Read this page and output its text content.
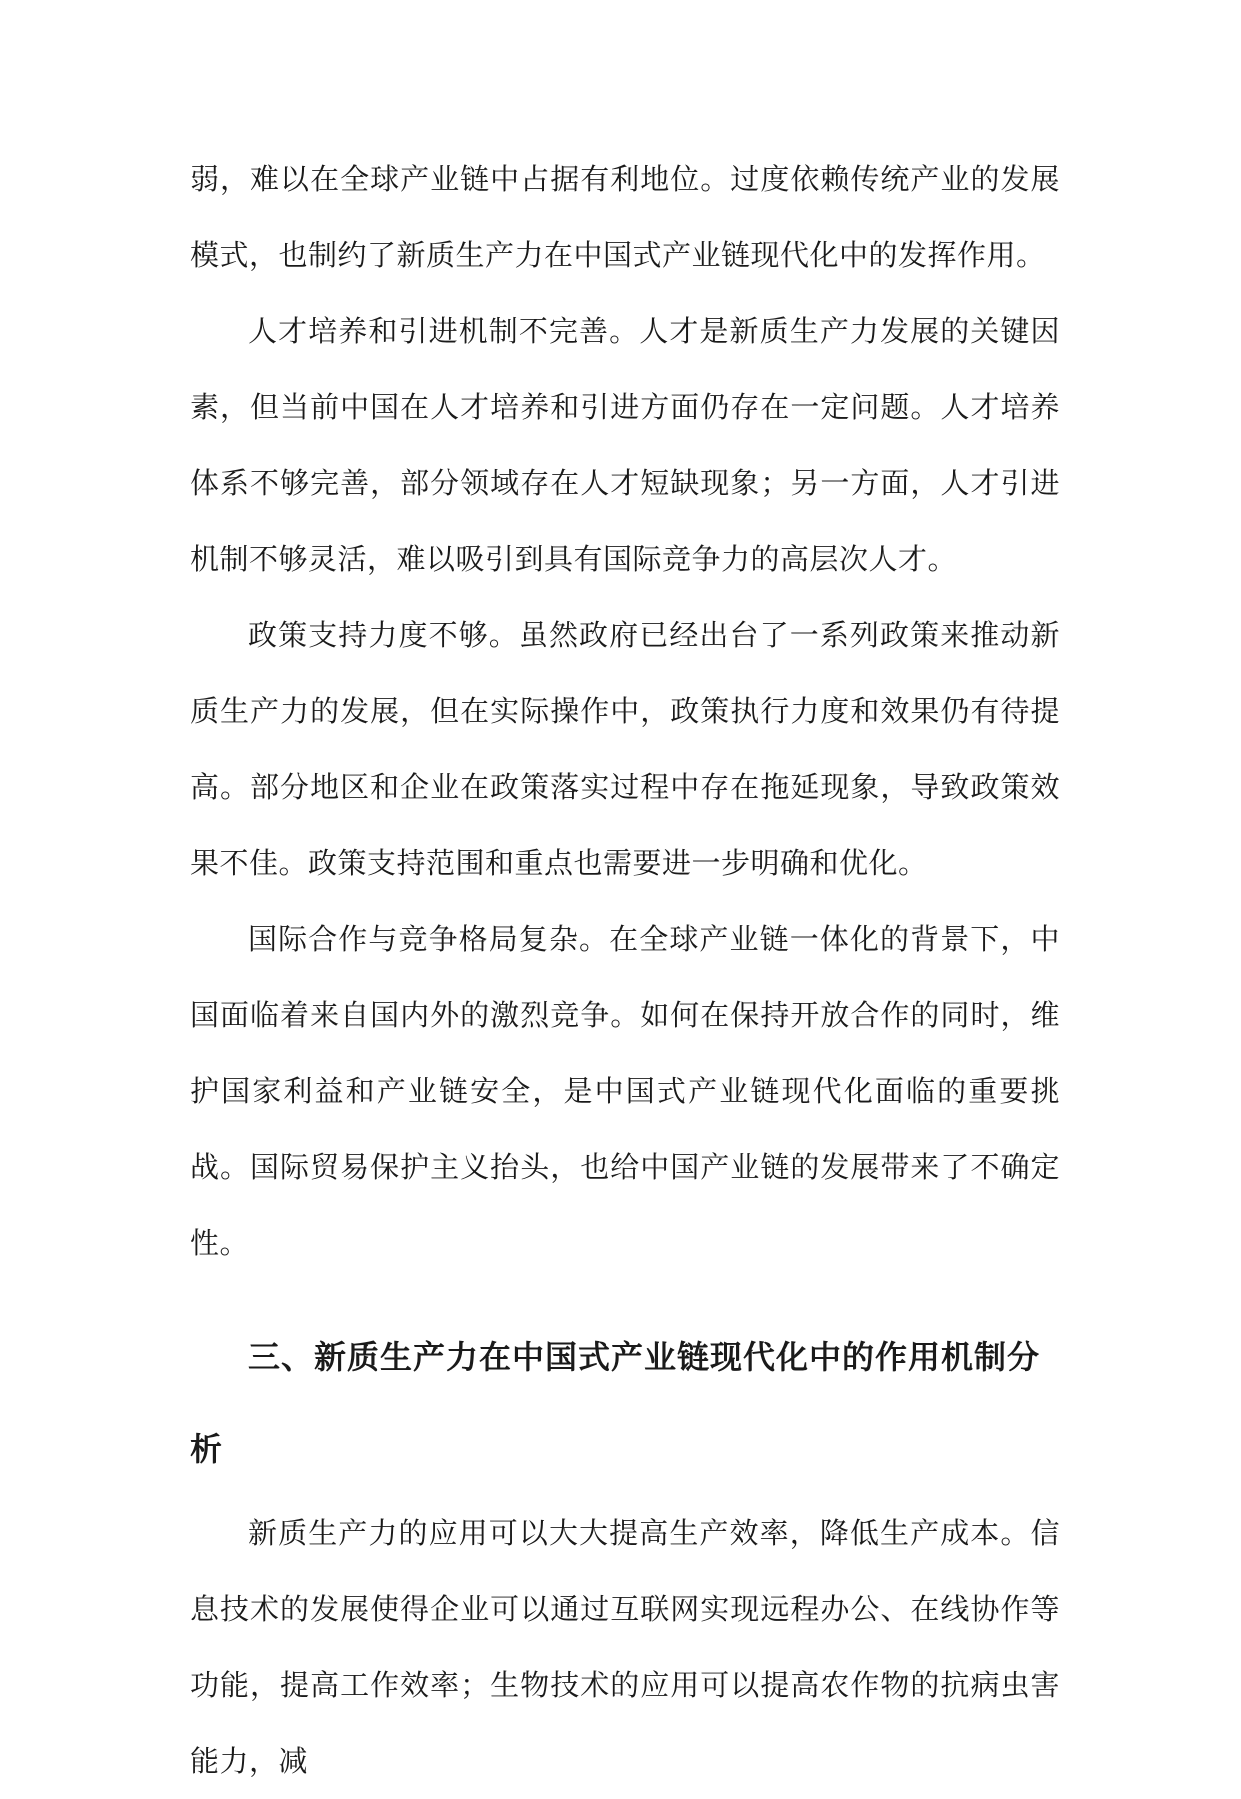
弱，难以在全球产业链中占据有利地位。过度依赖传统产业的发展模式，也制约了新质生产力在中国式产业链现代化中的发挥作用。

人才培养和引进机制不完善。人才是新质生产力发展的关键因素，但当前中国在人才培养和引进方面仍存在一定问题。人才培养体系不够完善，部分领域存在人才短缺现象；另一方面，人才引进机制不够灵活，难以吸引到具有国际竞争力的高层次人才。

政策支持力度不够。虽然政府已经出台了一系列政策来推动新质生产力的发展，但在实际操作中，政策执行力度和效果仍有待提高。部分地区和企业在政策落实过程中存在拖延现象，导致政策效果不佳。政策支持范围和重点也需要进一步明确和优化。

国际合作与竞争格局复杂。在全球产业链一体化的背景下，中国面临着来自国内外的激烈竞争。如何在保持开放合作的同时，维护国家利益和产业链安全，是中国式产业链现代化面临的重要挑战。国际贸易保护主义抬头，也给中国产业链的发展带来了不确定性。

三、新质生产力在中国式产业链现代化中的作用机制分析

新质生产力的应用可以大大提高生产效率，降低生产成本。信息技术的发展使得企业可以通过互联网实现远程办公、在线协作等功能，提高工作效率；生物技术的应用可以提高农作物的抗病虫害能力，减
